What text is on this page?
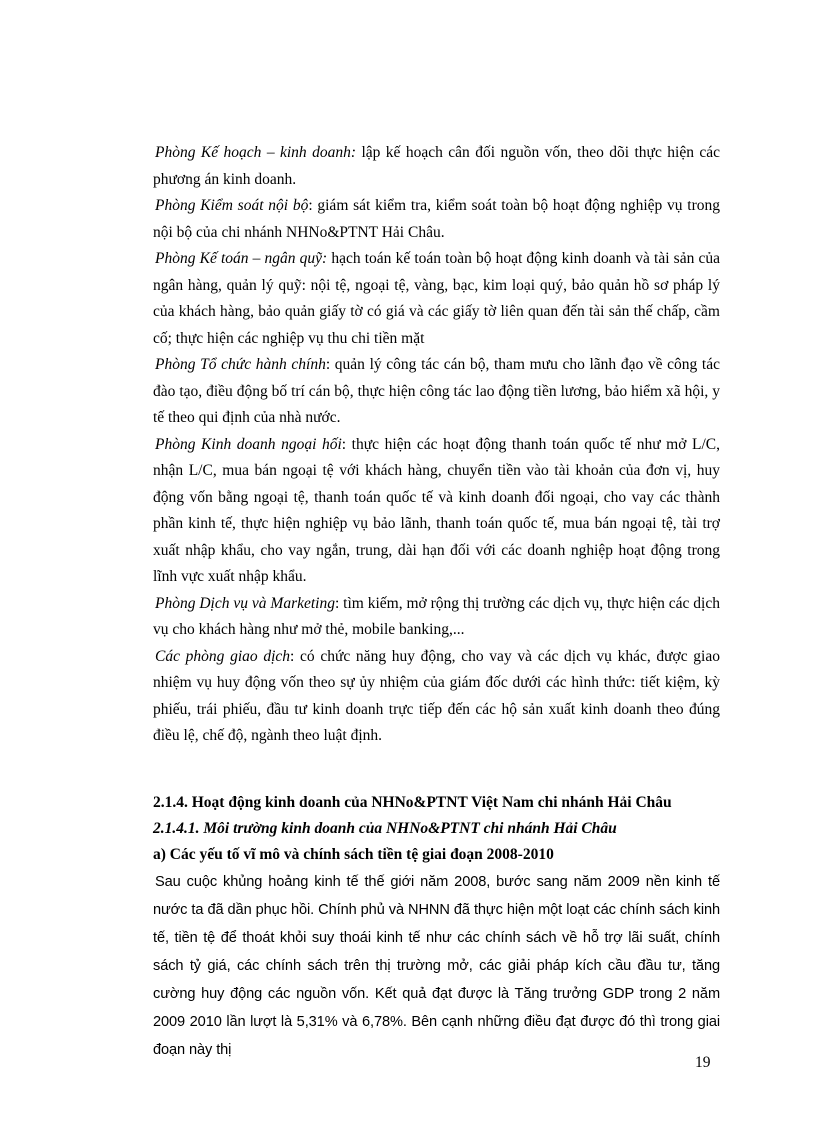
Phòng Kế hoạch – kinh doanh: lập kế hoạch cân đối nguồn vốn, theo dõi thực hiện các phương án kinh doanh.

Phòng Kiểm soát nội bộ: giám sát kiểm tra, kiểm soát toàn bộ hoạt động nghiệp vụ trong nội bộ của chi nhánh NHNo&PTNT Hải Châu.

Phòng Kế toán – ngân quỹ: hạch toán kế toán toàn bộ hoạt động kinh doanh và tài sản của ngân hàng, quản lý quỹ: nội tệ, ngoại tệ, vàng, bạc, kim loại quý, bảo quản hồ sơ pháp lý của khách hàng, bảo quản giấy tờ có giá và các giấy tờ liên quan đến tài sản thế chấp, cầm cố; thực hiện các nghiệp vụ thu chi tiền mặt

Phòng Tổ chức hành chính: quản lý công tác cán bộ, tham mưu cho lãnh đạo về công tác đào tạo, điều động bố trí cán bộ, thực hiện công tác lao động tiền lương, bảo hiểm xã hội, y tế theo qui định của nhà nước.

Phòng Kinh doanh ngoại hối: thực hiện các hoạt động thanh toán quốc tế như mở L/C, nhận L/C, mua bán ngoại tệ với khách hàng, chuyển tiền vào tài khoản của đơn vị, huy động vốn bằng ngoại tệ, thanh toán quốc tế và kinh doanh đối ngoại, cho vay các thành phần kinh tế, thực hiện nghiệp vụ bảo lãnh, thanh toán quốc tế, mua bán ngoại tệ, tài trợ xuất nhập khẩu, cho vay ngắn, trung, dài hạn đối với các doanh nghiệp hoạt động trong lĩnh vực xuất nhập khẩu.

Phòng Dịch vụ và Marketing: tìm kiếm, mở rộng thị trường các dịch vụ, thực hiện các dịch vụ cho khách hàng như mở thẻ, mobile banking,...

Các phòng giao dịch: có chức năng huy động, cho vay và các dịch vụ khác, được giao nhiệm vụ huy động vốn theo sự ủy nhiệm của giám đốc dưới các hình thức: tiết kiệm, kỳ phiếu, trái phiếu, đầu tư kinh doanh trực tiếp đến các hộ sản xuất kinh doanh theo đúng điều lệ, chế độ, ngành theo luật định.

2.1.4. Hoạt động kinh doanh của NHNo&PTNT Việt Nam chi nhánh Hải Châu
2.1.4.1. Môi trường kinh doanh của NHNo&PTNT chi nhánh Hải Châu
a) Các yếu tố vĩ mô và chính sách tiền tệ giai đoạn 2008-2010

Sau cuộc khủng hoảng kinh tế thế giới năm 2008, bước sang năm 2009 nền kinh tế nước ta đã dần phục hồi. Chính phủ và NHNN đã thực hiện một loạt các chính sách kinh tế, tiền tệ để thoát khỏi suy thoái kinh tế như các chính sách về hỗ trợ lãi suất, chính sách tỷ giá, các chính sách trên thị trường mở, các giải pháp kích cầu đầu tư, tăng cường huy động các nguồn vốn. Kết quả đạt được là Tăng trưởng GDP trong 2 năm 2009 2010 lần lượt là 5,31% và 6,78%. Bên cạnh những điều đạt được đó thì trong giai đoạn này thị

19
